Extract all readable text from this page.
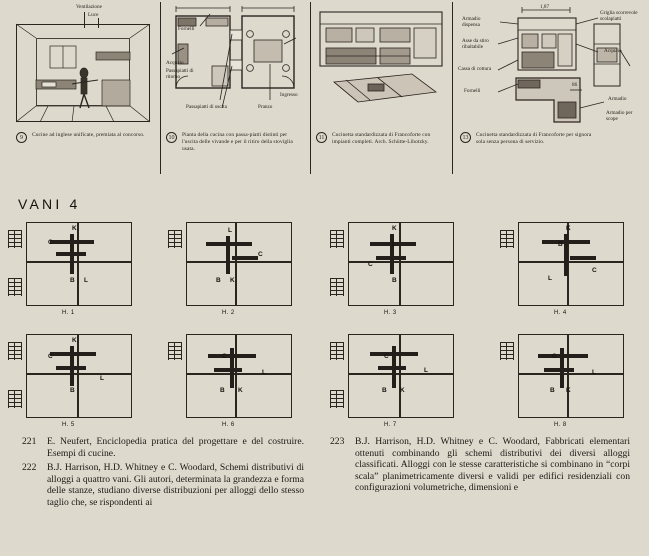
Ventilazione
Luce
9	Cucine ad inglese unificate, premiata al concorso.
Fornelli
Acquaio
Passapiatti di ritorno
Passapiatti di uscita
Ingresso
Pranzo
10	Pianta della cucina con passa-piatti distinti per l'uscita delle vivande e per il ritiro della stoviglia usata.
11	Cucinetta standardizzata di Francoforte con impianti completi. Arch. Schütte-Lihotzky.
1,87
Armadio dispensa
Asse da stiro ribaltabile
Cassa di cottura
Fornelli
Griglia scorrevole scolapiatti
Acquaio
Armadio
Armadio per scope
86
13	Cucinetta standardizzata di Francoforte per signora sola senza persona di servizio.
VANI 4
K
C
B L
H. 1
L
B K
C
H. 2
K
L
C
B
H. 3
K
B
L
C
H. 4
K
C
B
L
H. 5
C
B K
L
H. 6
C
B K
L
H. 7
C
B K
L
H. 8
221	E. Neufert, Enciclopedia pratica del progettare e del costruire. Esempi di cucine.
222	B.J. Harrison, H.D. Whitney e C. Woodard, Schemi distributivi di alloggi a quattro vani. Gli autori, determinata la grandezza e forma delle stanze, studiano diverse distribuzioni per alloggi dello stesso taglio che, se rispondenti ai
223	B.J. Harrison, H.D. Whitney e C. Woodard, Fabbricati elementari ottenuti combinando gli schemi distributivi dei diversi alloggi classificati. Alloggi con le stesse caratteristiche si combinano in “corpi scala” planimetricamente diversi e validi per edifici residenziali con configurazioni volumetriche, dimensioni e
